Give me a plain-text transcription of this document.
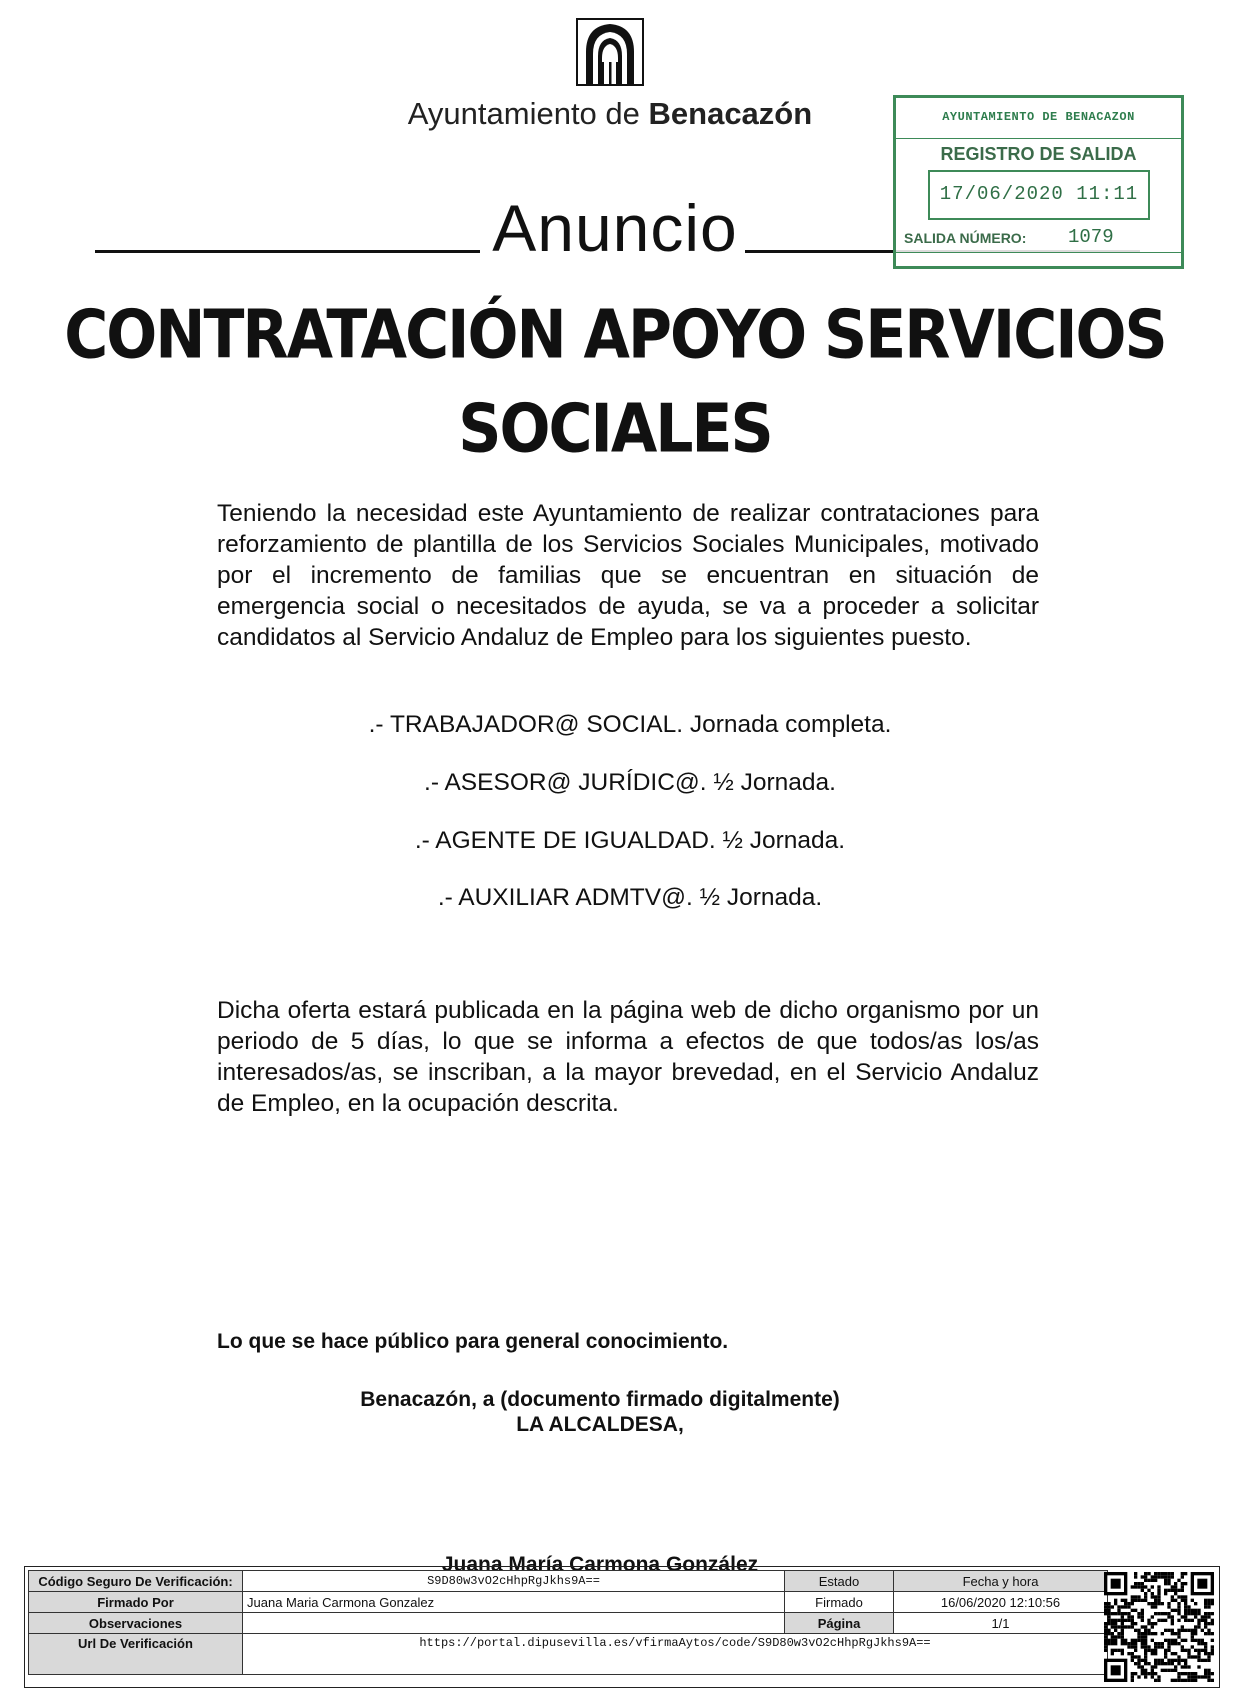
Ayuntamiento de Benacazón
Anuncio
CONTRATACIÓN APOYO SERVICIOS
SOCIALES
Teniendo la necesidad este Ayuntamiento de realizar contrataciones para reforzamiento de plantilla de los Servicios Sociales Municipales, motivado por el incremento de familias que se encuentran en situación de emergencia social o necesitados de ayuda, se va a proceder a solicitar candidatos al Servicio Andaluz de Empleo para los siguientes puesto.
.- TRABAJADOR@ SOCIAL. Jornada completa.
.- ASESOR@ JURÍDIC@. ½ Jornada.
.- AGENTE DE IGUALDAD. ½ Jornada.
.- AUXILIAR ADMTV@. ½ Jornada.
Dicha oferta estará publicada en la página web de dicho organismo por un periodo de 5 días, lo que se informa a efectos de que todos/as los/as interesados/as, se inscriban, a la mayor brevedad, en el Servicio Andaluz de Empleo, en la ocupación descrita.
Lo que se hace público para general conocimiento.
Benacazón, a (documento firmado digitalmente)
LA ALCALDESA,
Juana María Carmona González
AYUNTAMIENTO DE BENACAZON
REGISTRO DE SALIDA
17/06/2020 11:11
SALIDA NÚMERO: 1079
Código Seguro De Verificación:	S9D80w3vO2cHhpRgJkhs9A==	Estado	Fecha y hora
Firmado Por	Juana Maria Carmona Gonzalez	Firmado	16/06/2020 12:10:56
Observaciones		Página	1/1
Url De Verificación	https://portal.dipusevilla.es/vfirmaAytos/code/S9D80w3vO2cHhpRgJkhs9A==		
